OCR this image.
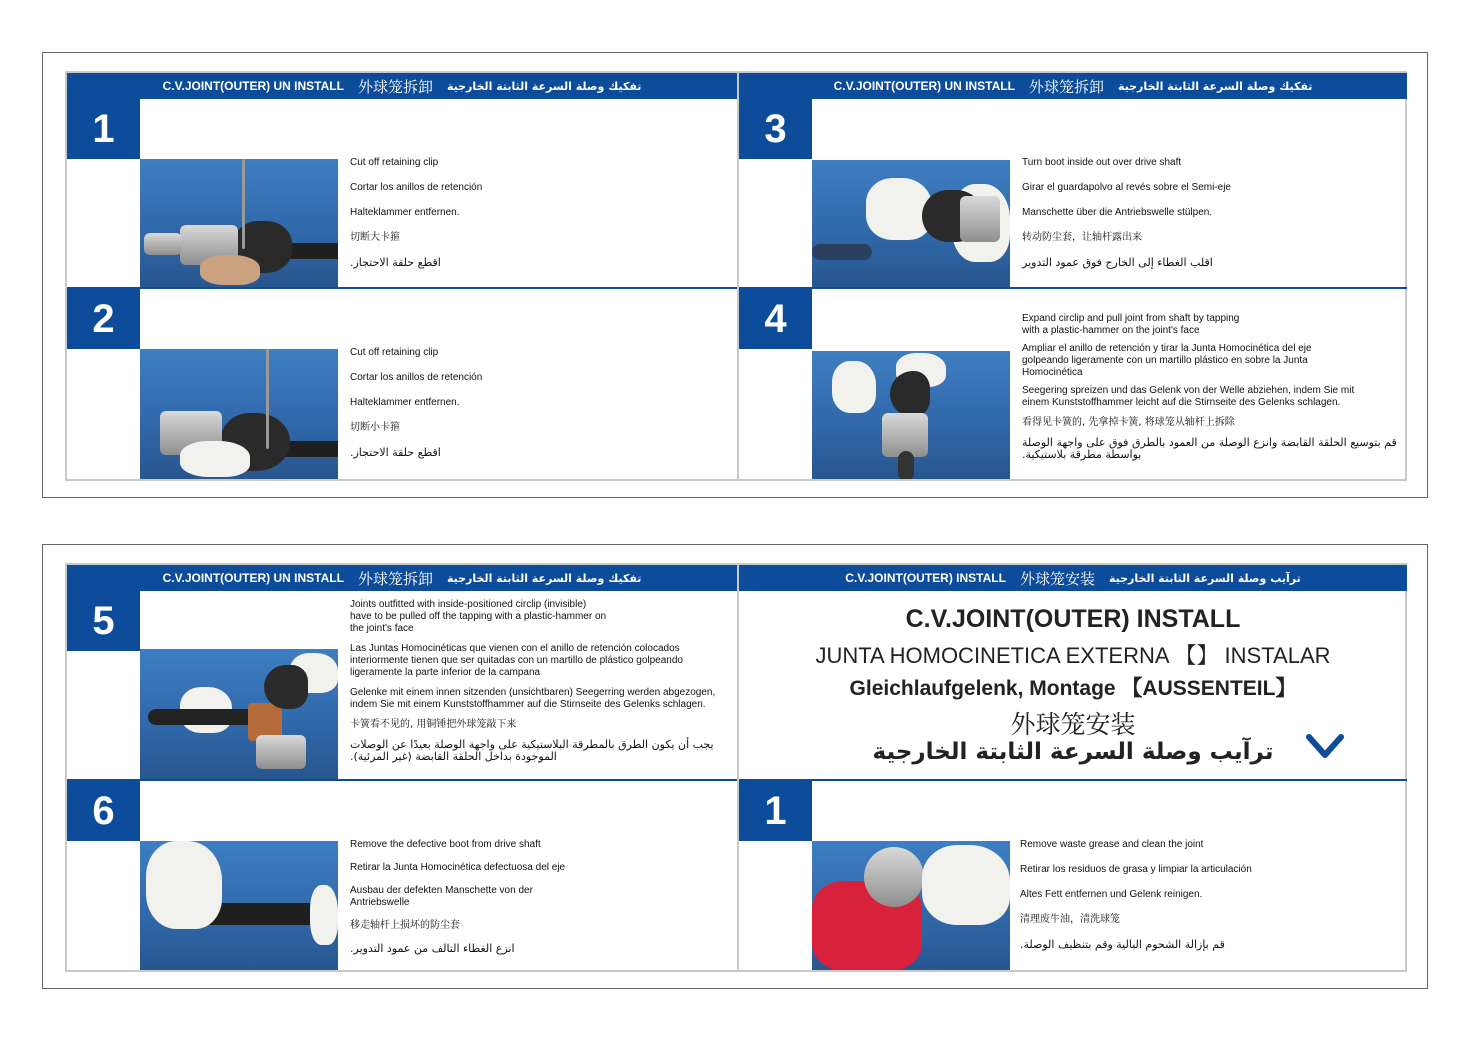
C.V.JOINT(OUTER) UN INSTALL 外球笼拆卸 تفكيك وصلة السرعة الثابتة الخارجية	C.V.JOINT(OUTER) UN INSTALL 外球笼拆卸 تفكيك وصلة السرعة الثابتة الخارجية
1

Cut off retaining clip

Cortar los anillos de retención

Halteklammer entfernen.

切断大卡箍

اقطع حلقة الاحتجاز.

2

Cut off retaining clip

Cortar los anillos de retención

Halteklammer entfernen.

切断小卡箍

اقطع حلقة الاحتجاز.

3

Turn boot inside out over drive shaft

Girar el guardapolvo al revés sobre el Semi-eje

Manschette über die Antriebswelle stülpen.

转动防尘套，让轴杆露出来

اقلب الغطاء إلى الخارج فوق عمود التدوير

4	Expand circlip and pull joint from shaft by tapping
with a plastic-hammer on the joint's face

Ampliar el anillo de retención y tirar la Junta Homocinética del eje
golpeando ligeramente con un martillo plástico en sobre la Junta
Homocinética

Seegering spreizen und das Gelenk von der Welle abziehen, indem Sie mit
einem Kunststoffhammer leicht auf die Stirnseite des Gelenks schlagen.

看得见卡簧的, 先拿掉卡簧, 将球笼从轴杆上拆除

قم بتوسيع الحلقة القابضة وانزع الوصلة من العمود بالطرق فوق على واجهة الوصلة
بواسطة مطرقة بلاستيكية.

C.V.JOINT(OUTER) UN INSTALL 外球笼拆卸 تفكيك وصلة السرعة الثابتة الخارجية	C.V.JOINT(OUTER) INSTALL 外球笼安装 ترآيب وصلة السرعة الثابتة الخارجية
5	Joints outfitted with inside-positioned circlip (invisible)
have to be pulled off the tapping with a plastic-hammer on
the joint's face

Las Juntas Homocinéticas que vienen con el anillo de retención colocados
interiormente tienen que ser quitadas con un martillo de plástico golpeando
ligeramente la parte inferior de la campana

Gelenke mit einem innen sitzenden (unsichtbaren) Seegerring werden abgezogen,
indem Sie mit einem Kunststoffhammer auf die Stirnseite des Gelenks schlagen.

卡簧看不见的, 用铜锤把外球笼敲下来

يجب أن يكون الطرق بالمطرقة البلاستيكية على واجهة الوصلة بعيدًا عن الوصلات
الموجودة بداخل الحلقة القابضة (غير المرئية).

6

Remove the defective boot from drive shaft

Retirar la Junta Homocinética defectuosa del eje

Ausbau der defekten Manschette von der
Antriebswelle

移走轴杆上损坏的防尘套

انزع الغطاء التالف من عمود التدوير.

C.V.JOINT(OUTER) INSTALL
JUNTA HOMOCINETICA EXTERNA 【】 INSTALAR
Gleichlaufgelenk, Montage 【AUSSENTEIL】
外球笼安装
ترآيب وصلة السرعة الثابتة الخارجية
1

Remove waste grease and clean the joint

Retirar los residuos de grasa y limpiar la articulación

Altes Fett entfernen und Gelenk reinigen.

清理废牛油，清洗球笼

قم بإزالة الشحوم البالية وقم بتنظيف الوصلة.
